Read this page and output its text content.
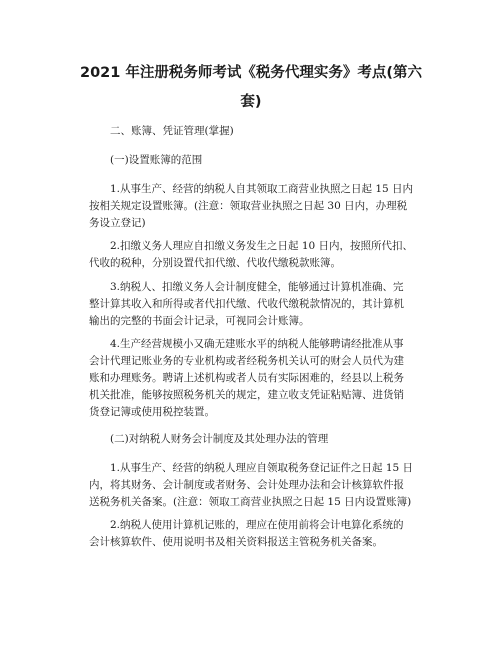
2021 年注册税务师考试《税务代理实务》考点(第六
套)

二、账簿、凭证管理(掌握)

(一)设置账簿的范围

1.从事生产、经营的纳税人自其领取工商营业执照之日起 15 日内
按相关规定设置账簿。(注意：领取营业执照之日起 30 日内，办理税
务设立登记)

2.扣缴义务人理应自扣缴义务发生之日起 10 日内，按照所代扣、
代收的税种，分别设置代扣代缴、代收代缴税款账簿。

3.纳税人、扣缴义务人会计制度健全，能够通过计算机准确、完
整计算其收入和所得或者代扣代缴、代收代缴税款情况的，其计算机
输出的完整的书面会计记录，可视同会计账簿。

4.生产经营规模小又确无建账水平的纳税人能够聘请经批准从事
会计代理记账业务的专业机构或者经税务机关认可的财会人员代为建
账和办理账务。聘请上述机构或者人员有实际困难的，经县以上税务
机关批准，能够按照税务机关的规定，建立收支凭证粘贴簿、进货销
货登记簿或使用税控装置。

(二)对纳税人财务会计制度及其处理办法的管理

1.从事生产、经营的纳税人理应自领取税务登记证件之日起 15 日
内，将其财务、会计制度或者财务、会计处理办法和会计核算软件报
送税务机关备案。(注意：领取工商营业执照之日起 15 日内设置账簿)

2.纳税人使用计算机记账的，理应在使用前将会计电算化系统的
会计核算软件、使用说明书及相关资料报送主管税务机关备案。
